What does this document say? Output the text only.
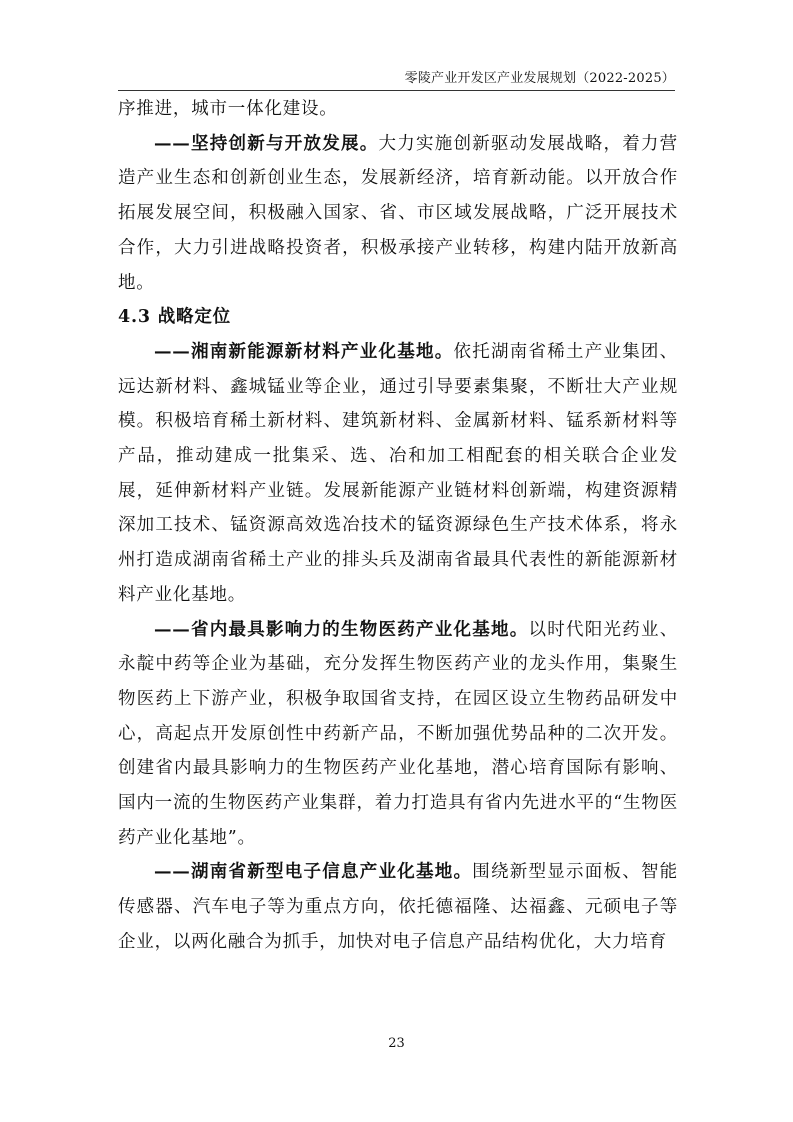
零陵产业开发区产业发展规划（2022-2025）

序推进，城市一体化建设。

——坚持创新与开放发展。大力实施创新驱动发展战略，着力营造产业生态和创新创业生态，发展新经济，培育新动能。以开放合作拓展发展空间，积极融入国家、省、市区域发展战略，广泛开展技术合作，大力引进战略投资者，积极承接产业转移，构建内陆开放新高地。

4.3 战略定位

——湘南新能源新材料产业化基地。依托湖南省稀土产业集团、远达新材料、鑫城锰业等企业，通过引导要素集聚，不断壮大产业规模。积极培育稀土新材料、建筑新材料、金属新材料、锰系新材料等产品，推动建成一批集采、选、冶和加工相配套的相关联合企业发展，延伸新材料产业链。发展新能源产业链材料创新端，构建资源精深加工技术、锰资源高效选冶技术的锰资源绿色生产技术体系，将永州打造成湖南省稀土产业的排头兵及湖南省最具代表性的新能源新材料产业化基地。

——省内最具影响力的生物医药产业化基地。以时代阳光药业、永靛中药等企业为基础，充分发挥生物医药产业的龙头作用，集聚生物医药上下游产业，积极争取国省支持，在园区设立生物药品研发中心，高起点开发原创性中药新产品，不断加强优势品种的二次开发。创建省内最具影响力的生物医药产业化基地，潜心培育国际有影响、国内一流的生物医药产业集群，着力打造具有省内先进水平的“生物医药产业化基地”。

——湖南省新型电子信息产业化基地。围绕新型显示面板、智能传感器、汽车电子等为重点方向，依托德福隆、达福鑫、元硕电子等企业，以两化融合为抓手，加快对电子信息产品结构优化，大力培育

23
